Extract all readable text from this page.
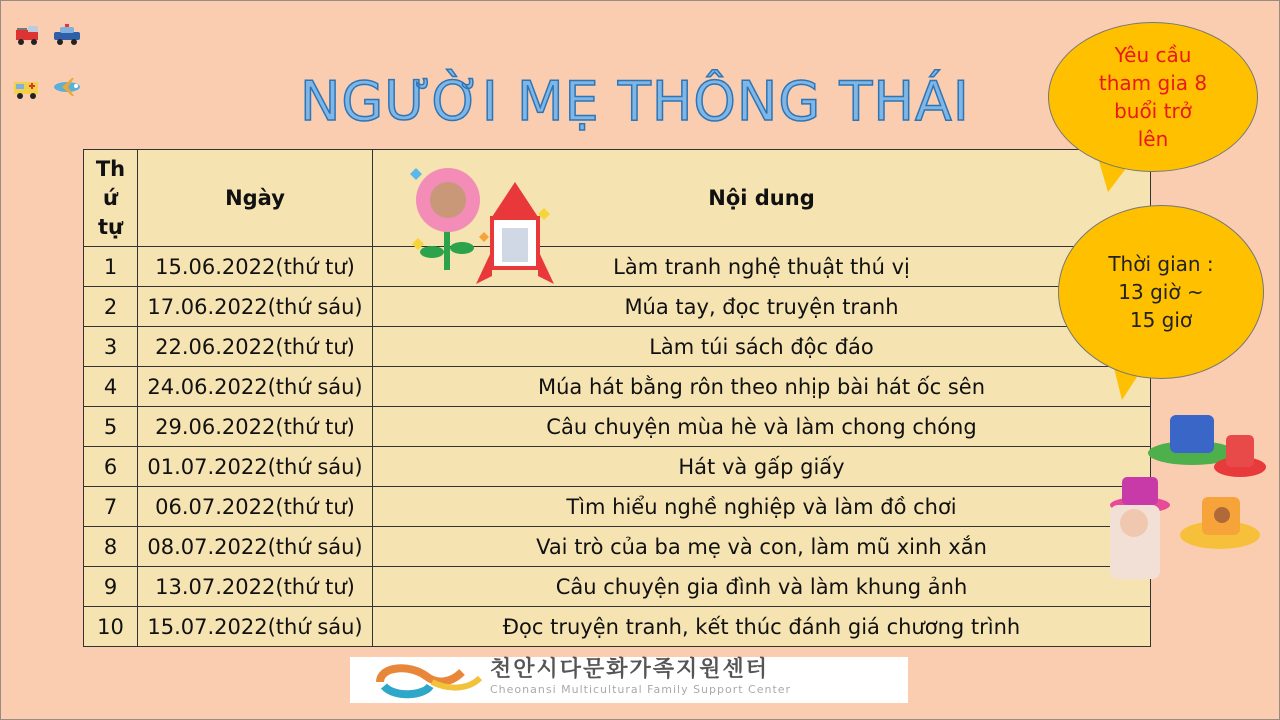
NGƯỜI MẸ THÔNG THÁI
Th
ứ
tự	Ngày	Nội dung
1	15.06.2022(thứ tư)	Làm tranh nghệ thuật thú vị
2	17.06.2022(thứ sáu)	Múa tay, đọc truyện tranh
3	22.06.2022(thứ tư)	Làm túi sách độc đáo
4	24.06.2022(thứ sáu)	Múa hát bằng rôn theo nhịp bài hát ốc sên
5	29.06.2022(thứ tư)	Câu chuyện mùa hè và làm chong chóng
6	01.07.2022(thứ sáu)	Hát và gấp giấy
7	06.07.2022(thứ tư)	Tìm hiểu nghề nghiệp và làm đồ chơi
8	08.07.2022(thứ sáu)	Vai trò của ba mẹ và con, làm mũ xinh xắn
9	13.07.2022(thứ tư)	Câu chuyện gia đình và làm khung ảnh
10	15.07.2022(thứ sáu)	Đọc truyện tranh, kết thúc đánh giá chương trình
Yêu cầu
tham gia 8
buổi trở
lên
Thời gian :
13 giờ ~
15 giơ
천안시다문화가족지원센터
Cheonansi Multicultural Family Support Center
